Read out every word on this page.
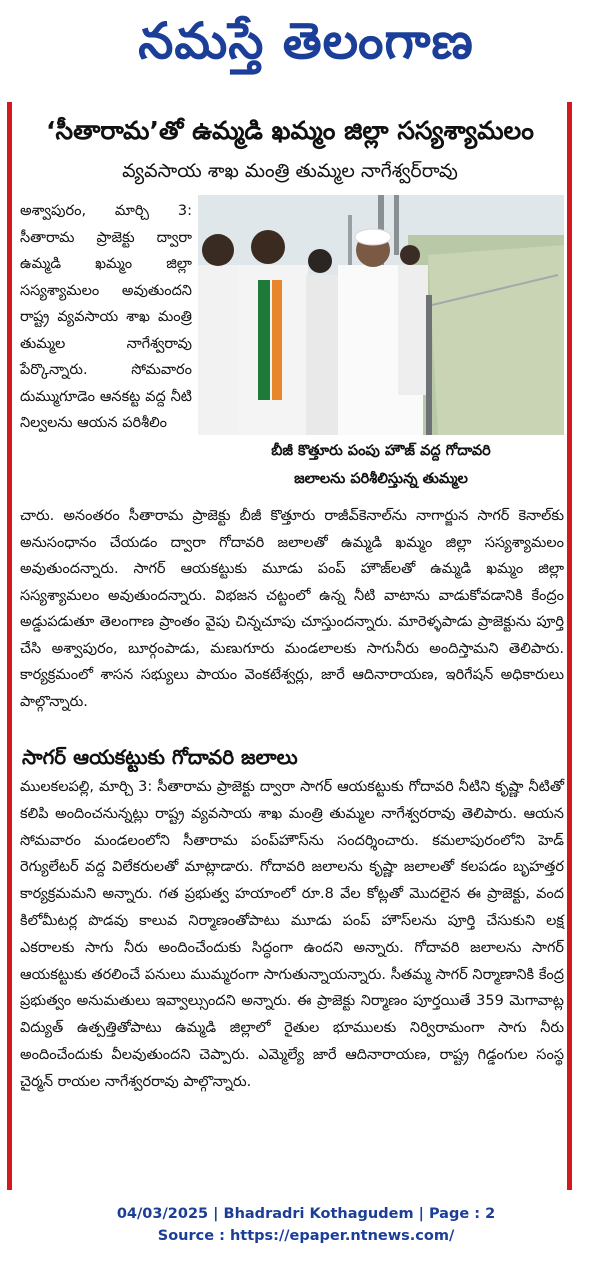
నమస్తే తెలంగాణ
‘సీతారామ’తో ఉమ్మడి ఖమ్మం జిల్లా సస్యశ్యామలం
వ్యవసాయ శాఖ మంత్రి తుమ్మల నాగేశ్వర్‌రావు
బీజీ కొత్తూరు పంపు హౌజ్‌ వద్ద గోదావరి
జలాలను పరిశీలిస్తున్న తుమ్మల

అశ్వాపురం, మార్చి 3: సీతారామ ప్రాజెక్టు ద్వారా ఉమ్మడి ఖమ్మం జిల్లా సస్యశ్యామలం అవుతుందని రాష్ట్ర వ్యవసాయ శాఖ మంత్రి తుమ్మల నాగేశ్వరావు పేర్కొన్నారు. సోమవారం దుమ్ముగూడెం ఆనకట్ట వద్ద నీటి నిల్వలను ఆయన పరిశీలిం

చారు. అనంతరం సీతారామ ప్రాజెక్టు బీజీ కొత్తూరు రాజీవ్‌కెనాల్‌ను నాగార్జున సాగర్ కెనాల్‌కు అనుసంధానం చేయడం ద్వారా గోదావరి జలాలతో ఉమ్మడి ఖమ్మం జిల్లా సస్యశ్యామలం అవుతుందన్నారు. సాగర్ ఆయకట్టుకు మూడు పంప్ హౌజ్‌లతో ఉమ్మడి ఖమ్మం జిల్లా సస్యశ్యామలం అవుతుందన్నారు. విభజన చట్టంలో ఉన్న నీటి వాటాను వాడుకోవడానికి కేంద్రం అడ్డుపడుతూ తెలంగాణ ప్రాంతం వైపు చిన్నచూపు చూస్తుందన్నారు. మారెళ్ళపాడు ప్రాజెక్టును పూర్తి చేసి అశ్వాపురం, బూర్గంపాడు, మణుగూరు మండలాలకు సాగునీరు అందిస్తామని తెలిపారు. కార్యక్రమంలో శాసన సభ్యులు పాయం వెంకటేశ్వర్లు, జారే ఆదినారాయణ, ఇరిగేషన్ అధికారులు పాల్గొన్నారు.

సాగర్ ఆయకట్టుకు గోదావరి జలాలు

ములకలపల్లి, మార్చి 3: సీతారామ ప్రాజెక్టు ద్వారా సాగర్ ఆయకట్టుకు గోదావరి నీటిని కృష్ణా నీటితో కలిపి అందించనున్నట్లు రాష్ట్ర వ్యవసాయ శాఖ మంత్రి తుమ్మల నాగేశ్వరరావు తెలిపారు. ఆయన సోమవారం మండలంలోని సీతారామ పంప్‌హౌస్‌ను సందర్శించారు. కమలాపురంలోని హెడ్ రెగ్యులేటర్ వద్ద విలేకరులతో మాట్లాడారు. గోదావరి జలాలను కృష్ణా జలాలతో కలపడం బృహత్తర కార్యక్రమమని అన్నారు. గత ప్రభుత్వ హయాంలో రూ.8 వేల కోట్లతో మొదలైన ఈ ప్రాజెక్టు, వంద కిలోమీటర్ల పొడవు కాలువ నిర్మాణంతోపాటు మూడు పంప్ హౌస్‌లను పూర్తి చేసుకుని లక్ష ఎకరాలకు సాగు నీరు అందించేందుకు సిద్ధంగా ఉందని అన్నారు. గోదావరి జలాలను సాగర్ ఆయకట్టుకు తరలించే పనులు ముమ్మరంగా సాగుతున్నాయన్నారు. సీతమ్మ సాగర్ నిర్మాణానికి కేంద్ర ప్రభుత్వం అనుమతులు ఇవ్వాల్సుందని అన్నారు. ఈ ప్రాజెక్టు నిర్మాణం పూర్తయితే 359 మెగావాట్ల విద్యుత్ ఉత్పత్తితోపాటు ఉమ్మడి జిల్లాలో రైతుల భూములకు నిర్విరామంగా సాగు నీరు అందించేందుకు వీలవుతుందని చెప్పారు. ఎమ్మెల్యే జారే ఆదినారాయణ, రాష్ట్ర గిడ్డంగుల సంస్థ చైర్మన్ రాయల నాగేశ్వరరావు పాల్గొన్నారు.

04/03/2025 | Bhadradri Kothagudem | Page : 2
Source : https://epaper.ntnews.com/
